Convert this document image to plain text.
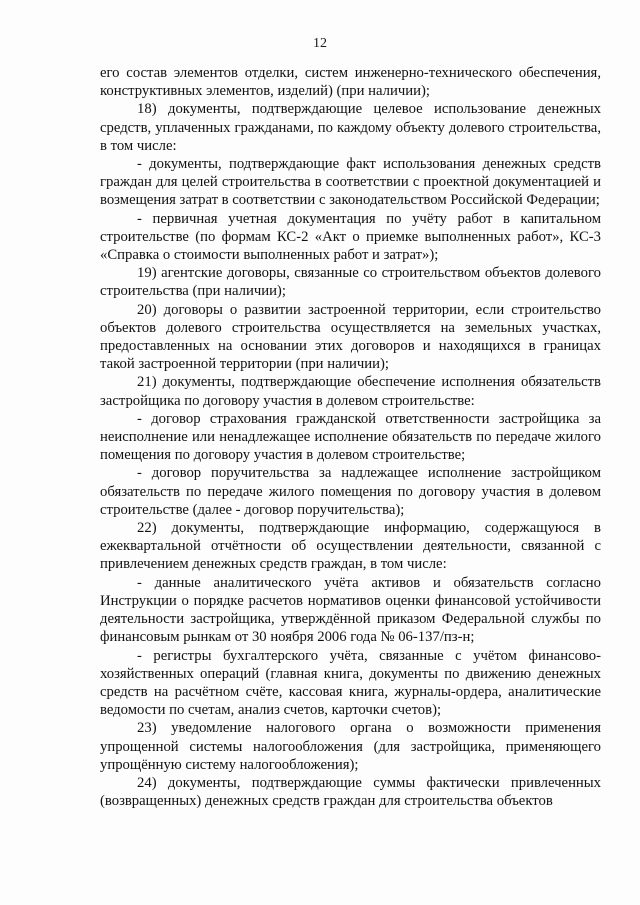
12

его состав элементов отделки, систем инженерно-технического обеспечения, конструктивных элементов, изделий) (при наличии);

18) документы, подтверждающие целевое использование денежных средств, уплаченных гражданами, по каждому объекту долевого строительства, в том числе:

- документы, подтверждающие факт использования денежных средств граждан для целей строительства в соответствии с проектной документацией и возмещения затрат в соответствии с законодательством Российской Федерации;

- первичная учетная документация по учёту работ в капитальном строительстве (по формам КС-2 «Акт о приемке выполненных работ», КС-3 «Справка о стоимости выполненных работ и затрат»);

19) агентские договоры, связанные со строительством объектов долевого строительства (при наличии);

20) договоры о развитии застроенной территории, если строительство объектов долевого строительства осуществляется на земельных участках, предоставленных на основании этих договоров и находящихся в границах такой застроенной территории (при наличии);

21) документы, подтверждающие обеспечение исполнения обязательств застройщика по договору участия в долевом строительстве:

- договор страхования гражданской ответственности застройщика за неисполнение или ненадлежащее исполнение обязательств по передаче жилого помещения по договору участия в долевом строительстве;

- договор поручительства за надлежащее исполнение застройщиком обязательств по передаче жилого помещения по договору участия в долевом строительстве (далее - договор поручительства);

22) документы, подтверждающие информацию, содержащуюся в ежеквартальной отчётности об осуществлении деятельности, связанной с привлечением денежных средств граждан, в том числе:

- данные аналитического учёта активов и обязательств согласно Инструкции о порядке расчетов нормативов оценки финансовой устойчивости деятельности застройщика, утверждённой приказом Федеральной службы по финансовым рынкам от 30 ноября 2006 года № 06-137/пз-н;

- регистры бухгалтерского учёта, связанные с учётом финансово-хозяйственных операций (главная книга, документы по движению денежных средств на расчётном счёте, кассовая книга, журналы-ордера, аналитические ведомости по счетам, анализ счетов, карточки счетов);

23) уведомление налогового органа о возможности применения упрощенной системы налогообложения (для застройщика, применяющего упрощённую систему налогообложения);

24) документы, подтверждающие суммы фактически привлеченных (возвращенных) денежных средств граждан для строительства объектов
